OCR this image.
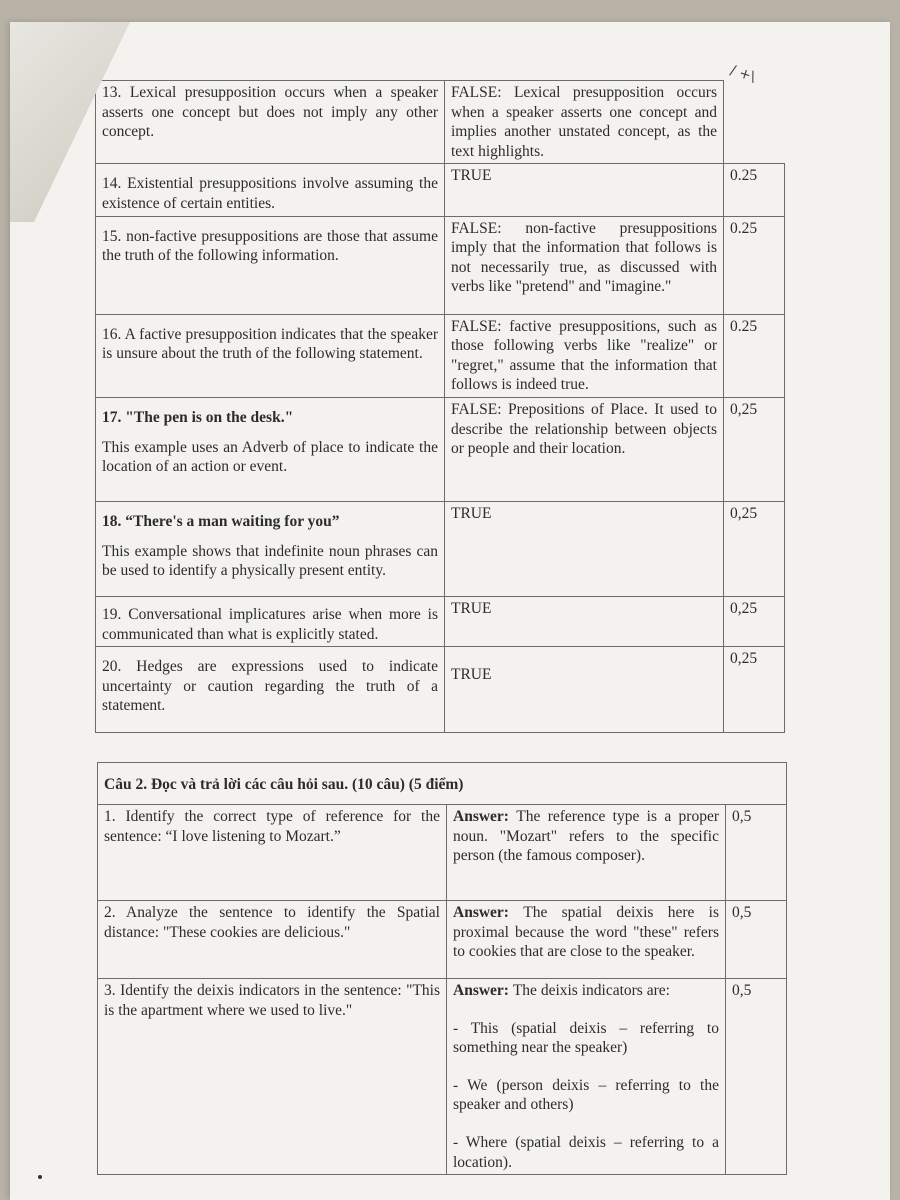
/ +\
13. Lexical presupposition occurs when a speaker asserts one concept but does not imply any other concept.	FALSE: Lexical presupposition occurs when a speaker asserts one concept and implies another unstated concept, as the text highlights.	
14. Existential presuppositions involve assuming the existence of certain entities.	TRUE	0.25
15. non-factive presuppositions are those that assume the truth of the following information.	FALSE: non-factive presuppositions imply that the information that follows is not necessarily true, as discussed with verbs like "pretend" and "imagine."	0.25
16. A factive presupposition indicates that the speaker is unsure about the truth of the following statement.	FALSE: factive presuppositions, such as those following verbs like "realize" or "regret," assume that the information that follows is indeed true.	0.25
17. "The pen is on the desk."
This example uses an Adverb of place to indicate the location of an action or event.	FALSE: Prepositions of Place. It used to describe the relationship between objects or people and their location.	0,25
18. “There's a man waiting for you”
This example shows that indefinite noun phrases can be used to identify a physically present entity.	TRUE	0,25
19. Conversational implicatures arise when more is communicated than what is explicitly stated.	TRUE	0,25
20. Hedges are expressions used to indicate uncertainty or caution regarding the truth of a statement.	TRUE	0,25
Câu 2. Đọc và trả lời các câu hỏi sau. (10 câu) (5 điểm)		
1. Identify the correct type of reference for the sentence: “I love listening to Mozart.”	Answer: The reference type is a proper noun. "Mozart" refers to the specific person (the famous composer).	0,5
2. Analyze the sentence to identify the Spatial distance: "These cookies are delicious."	Answer: The spatial deixis here is proximal because the word "these" refers to cookies that are close to the speaker.	0,5
3. Identify the deixis indicators in the sentence: "This is the apartment where we used to live."	Answer: The deixis indicators are:
- This (spatial deixis – referring to something near the speaker)
- We (person deixis – referring to the speaker and others)
- Where (spatial deixis – referring to a location).	0,5
